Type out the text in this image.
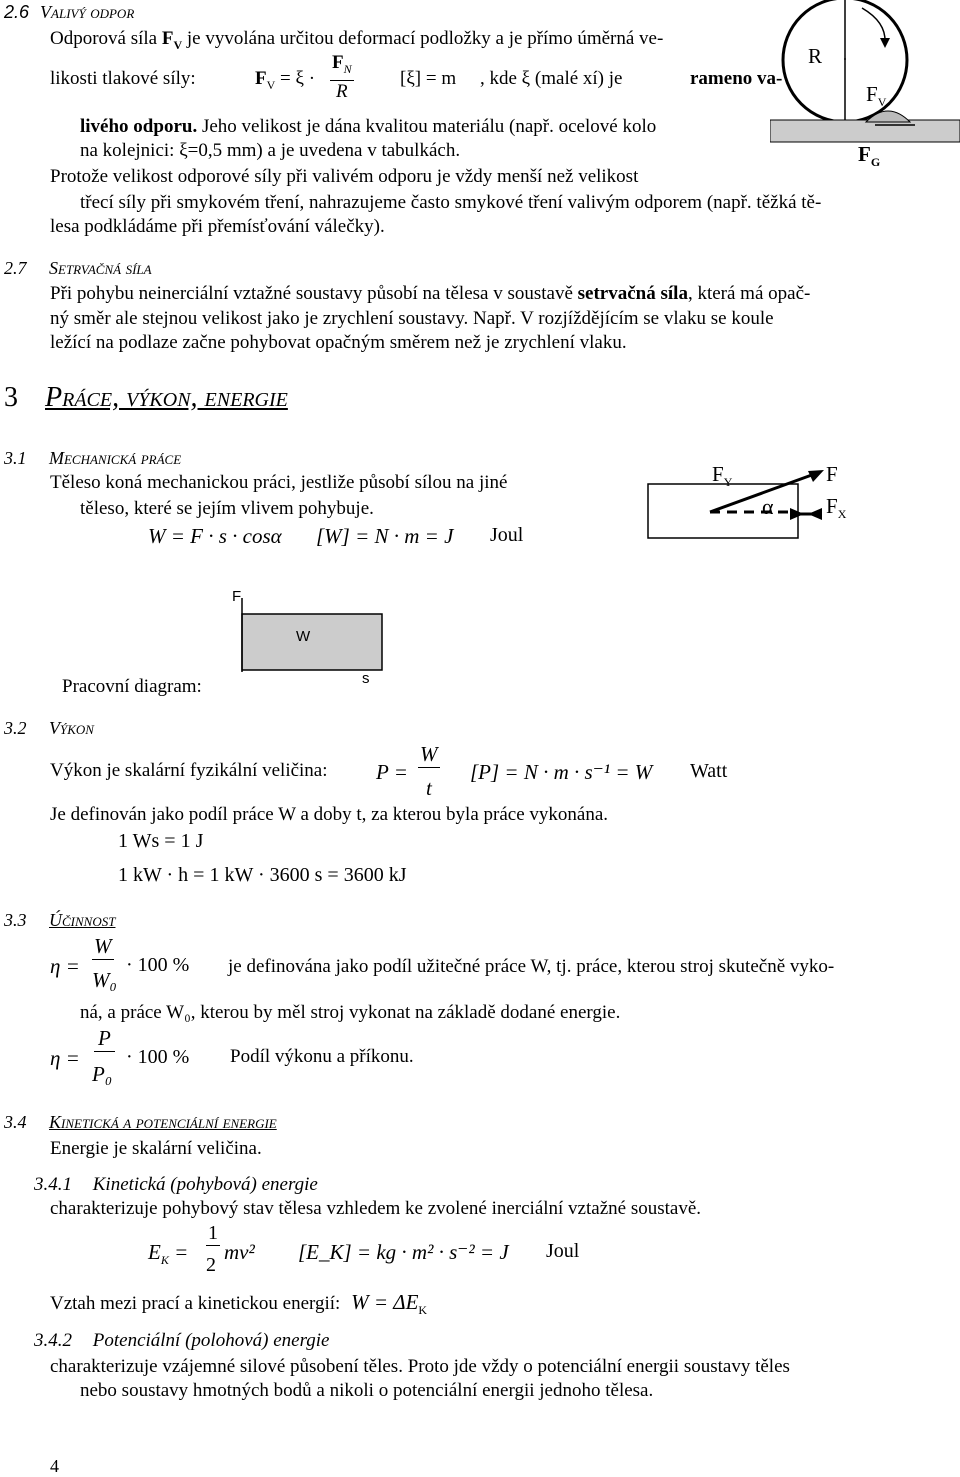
2.6 Valivý odpor
Odporová síla $F_V$ je vyvolána určitou deformací podložky a je přímo úměrná ve-
likosti tlakové síly:	$F_V = \xi \cdot \frac{F_N}{R} [\xi] = m$ , kde ξ (malé xí) je	rameno va-
livého odporu. Jeho velikost je dána kvalitou materiálu (např. ocelové kolo
na kolejnici: ξ=0,5 mm) a je uvedena v tabulkách.
Protože velikost odporové síly při valivém odporu je vždy menší než velikost
třecí síly při smykovém tření, nahrazujeme často smykové tření valivým odporem (např. těžká tě-
lesa podkládáme při přemísťování válečky).
R
$F_V$
$F_G$
2.7 Setrvačná síla
Při pohybu neinerciální vztažné soustavy působí na tělesa v soustavě setrvačná síla, která má opač-
ný směr ale stejnou velikost jako je zrychlení soustavy. Např. V rozjíždějícím se vlaku se koule
ležící na podlaze začne pohybovat opačným směrem než je zrychlení vlaku.
3 Práce, výkon, energie
3.1 Mechanická práce
Těleso koná mechanickou práci, jestliže působí sílou na jiné
těleso, které se jejím vlivem pohybuje.
W = F · s · cosα [W] = N · m = J Joul
$F_Y$	F
$F_X$
α
Pracovní diagram:
F
W
s
3.2 Výkon
Výkon je skalární fyzikální veličina: P =
W
t
[P] = N · m · s⁻¹ = W Watt
Je definován jako podíl práce W a doby t, za kterou byla práce vykonána.
1 Ws = 1 J
1 kW · h = 1 kW · 3600 s = 3600 kJ
3.3 Účinnost
η =
W
W₀
· 100 % je definována jako podíl užitečné práce W, tj. práce, kterou stroj skutečně vyko-
ná, a práce W₀, kterou by měl stroj vykonat na základě dodané energie.
η =
P
P₀
· 100 % Podíl výkonu a příkonu.
3.4 Kinetická a potenciální energie
Energie je skalární veličina.
3.4.1 Kinetická (pohybová) energie
charakterizuje pohybový stav tělesa vzhledem ke zvolené inerciální vztažné soustavě.
$E_K$ =
1
2
mv² [E_K] = kg · m² · s⁻² = J Joul
Vztah mezi prací a kinetickou energií: $W = \Delta E_K$
3.4.2 Potenciální (polohová) energie
charakterizuje vzájemné silové působení těles. Proto jde vždy o potenciální energii soustavy těles
nebo soustavy hmotných bodů a nikoli o potenciální energii jednoho tělesa.
4
